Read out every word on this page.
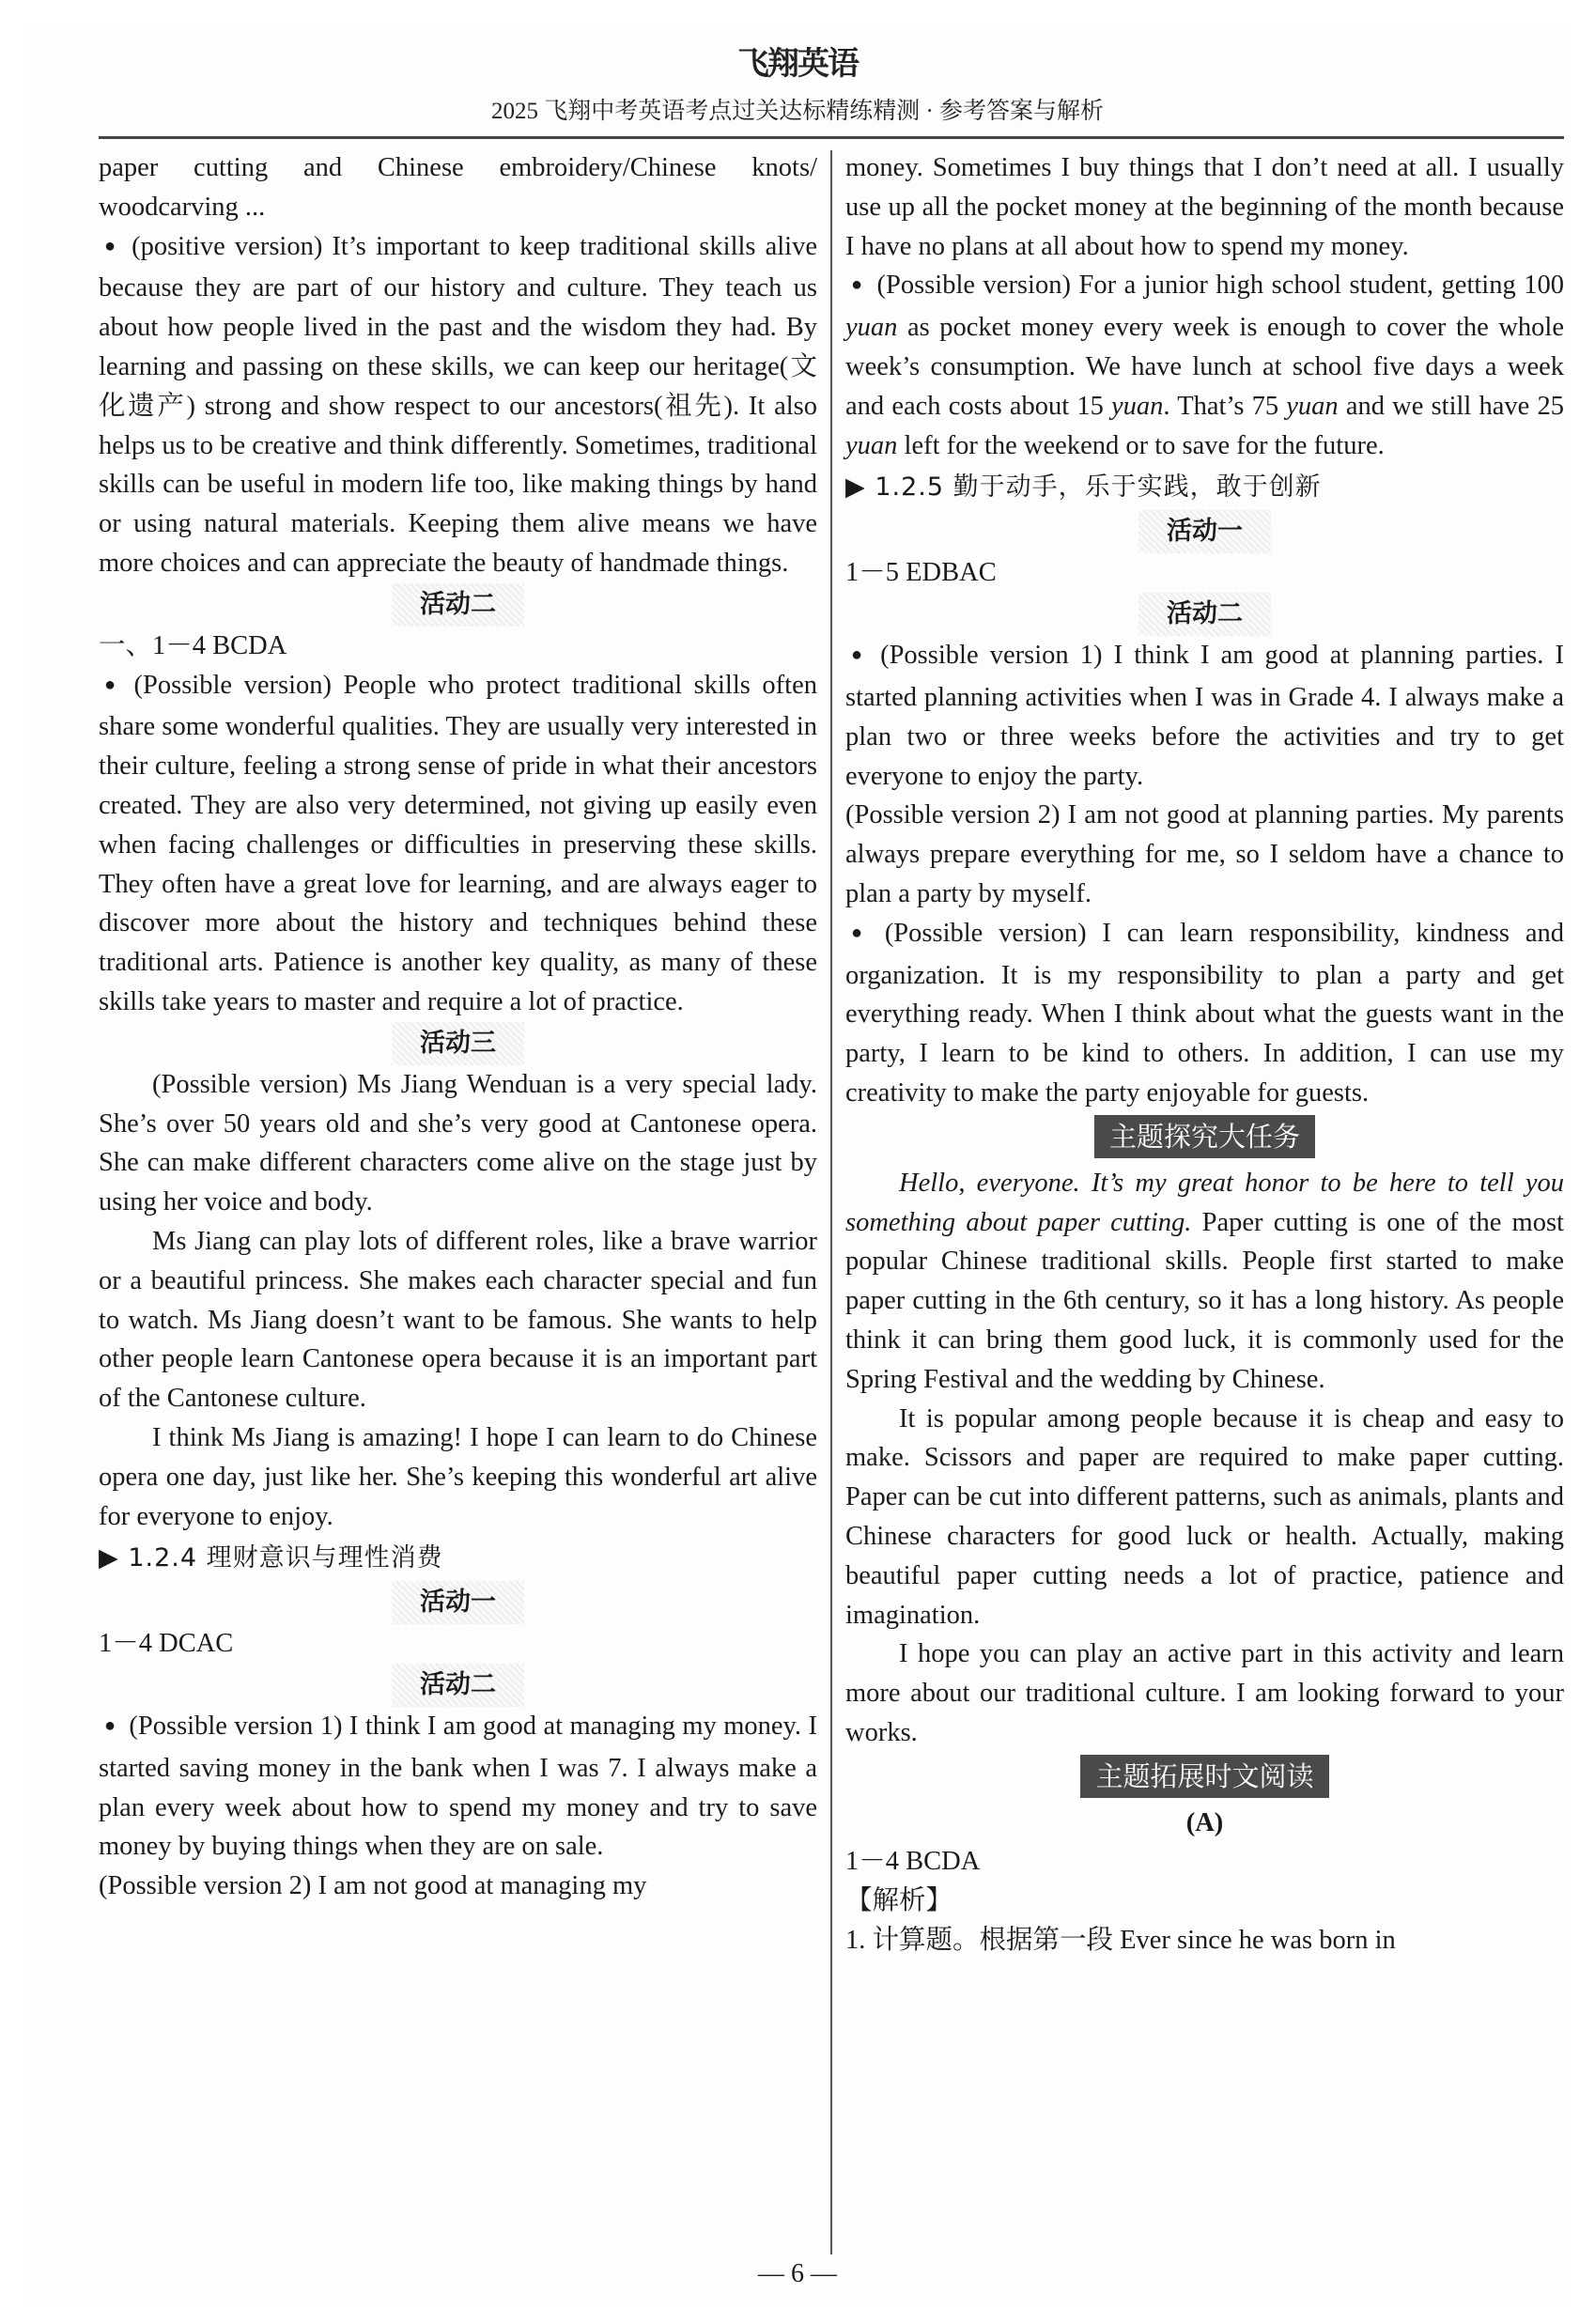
飞翔英语
2025 飞翔中考英语考点过关达标精练精测 · 参考答案与解析
paper cutting and Chinese embroidery/Chinese knots/ woodcarving ...
● (positive version) It’s important to keep traditional skills alive because they are part of our history and culture. They teach us about how people lived in the past and the wisdom they had. By learning and passing on these skills, we can keep our heritage(文化遗产) strong and show respect to our ancestors(祖先). It also helps us to be creative and think differently. Sometimes, traditional skills can be useful in modern life too, like making things by hand or using natural materials. Keeping them alive means we have more choices and can appreciate the beauty of handmade things.
活动二
一、1－4 BCDA
● (Possible version) People who protect traditional skills often share some wonderful qualities. They are usually very interested in their culture, feeling a strong sense of pride in what their ancestors created. They are also very determined, not giving up easily even when facing challenges or difficulties in preserving these skills. They often have a great love for learning, and are always eager to discover more about the history and techniques behind these traditional arts. Patience is another key quality, as many of these skills take years to master and require a lot of practice.
活动三
(Possible version) Ms Jiang Wenduan is a very special lady. She’s over 50 years old and she’s very good at Cantonese opera. She can make different characters come alive on the stage just by using her voice and body.
Ms Jiang can play lots of different roles, like a brave warrior or a beautiful princess. She makes each character special and fun to watch. Ms Jiang doesn’t want to be famous. She wants to help other people learn Cantonese opera because it is an important part of the Cantonese culture.
I think Ms Jiang is amazing! I hope I can learn to do Chinese opera one day, just like her. She’s keeping this wonderful art alive for everyone to enjoy.
▶ 1.2.4 理财意识与理性消费
活动一
1－4 DCAC
活动二
● (Possible version 1) I think I am good at managing my money. I started saving money in the bank when I was 7. I always make a plan every week about how to spend my money and try to save money by buying things when they are on sale.
(Possible version 2) I am not good at managing my
money. Sometimes I buy things that I don’t need at all. I usually use up all the pocket money at the beginning of the month because I have no plans at all about how to spend my money.
● (Possible version) For a junior high school student, getting 100 yuan as pocket money every week is enough to cover the whole week’s consumption. We have lunch at school five days a week and each costs about 15 yuan. That’s 75 yuan and we still have 25 yuan left for the weekend or to save for the future.
▶ 1.2.5 勤于动手，乐于实践，敢于创新
活动一
1－5 EDBAC
活动二
● (Possible version 1) I think I am good at planning parties. I started planning activities when I was in Grade 4. I always make a plan two or three weeks before the activities and try to get everyone to enjoy the party.
(Possible version 2) I am not good at planning parties. My parents always prepare everything for me, so I seldom have a chance to plan a party by myself.
● (Possible version) I can learn responsibility, kindness and organization. It is my responsibility to plan a party and get everything ready. When I think about what the guests want in the party, I learn to be kind to others. In addition, I can use my creativity to make the party enjoyable for guests.
主题探究大任务
Hello, everyone. It’s my great honor to be here to tell you something about paper cutting. Paper cutting is one of the most popular Chinese traditional skills. People first started to make paper cutting in the 6th century, so it has a long history. As people think it can bring them good luck, it is commonly used for the Spring Festival and the wedding by Chinese.
It is popular among people because it is cheap and easy to make. Scissors and paper are required to make paper cutting. Paper can be cut into different patterns, such as animals, plants and Chinese characters for good luck or health. Actually, making beautiful paper cutting needs a lot of practice, patience and imagination.
I hope you can play an active part in this activity and learn more about our traditional culture. I am looking forward to your works.
主题拓展时文阅读
(A)
1－4 BCDA
【解析】
1. 计算题。根据第一段 Ever since he was born in
— 6 —
